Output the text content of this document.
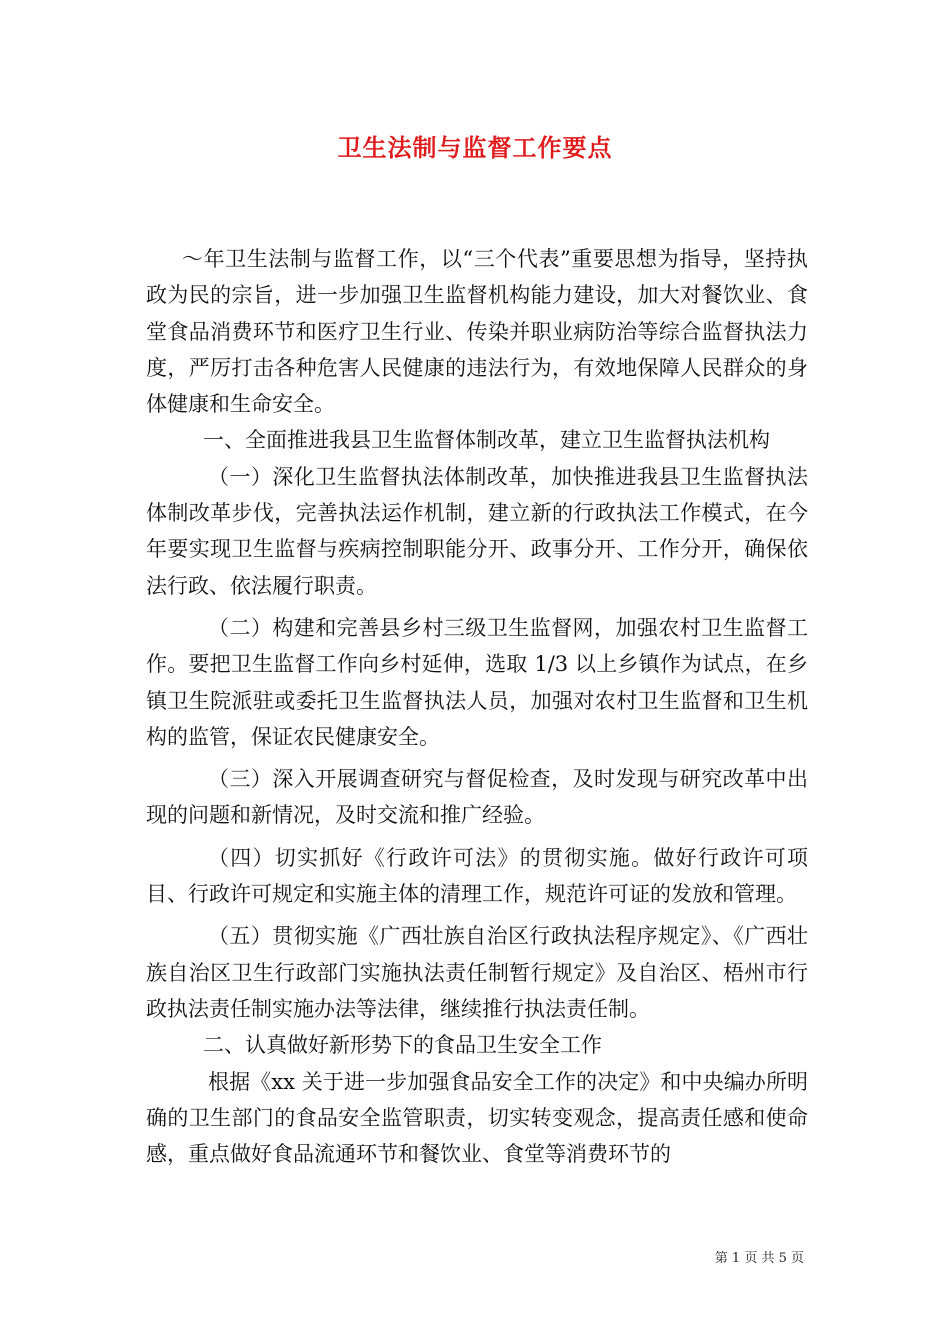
卫生法制与监督工作要点

～年卫生法制与监督工作，以“三个代表”重要思想为指导，坚持执政为民的宗旨，进一步加强卫生监督机构能力建设，加大对餐饮业、食堂食品消费环节和医疗卫生行业、传染并职业病防治等综合监督执法力度，严厉打击各种危害人民健康的违法行为，有效地保障人民群众的身体健康和生命安全。

一、全面推进我县卫生监督体制改革，建立卫生监督执法机构

（一）深化卫生监督执法体制改革，加快推进我县卫生监督执法体制改革步伐，完善执法运作机制，建立新的行政执法工作模式，在今年要实现卫生监督与疾病控制职能分开、政事分开、工作分开，确保依法行政、依法履行职责。

（二）构建和完善县乡村三级卫生监督网，加强农村卫生监督工作。要把卫生监督工作向乡村延伸，选取 1/3 以上乡镇作为试点，在乡镇卫生院派驻或委托卫生监督执法人员，加强对农村卫生监督和卫生机构的监管，保证农民健康安全。

（三）深入开展调查研究与督促检查，及时发现与研究改革中出现的问题和新情况，及时交流和推广经验。

（四）切实抓好《行政许可法》的贯彻实施。做好行政许可项目、行政许可规定和实施主体的清理工作，规范许可证的发放和管理。

（五）贯彻实施《广西壮族自治区行政执法程序规定》、《广西壮族自治区卫生行政部门实施执法责任制暂行规定》及自治区、梧州市行政执法责任制实施办法等法律，继续推行执法责任制。

二、认真做好新形势下的食品卫生安全工作

根据《xx 关于进一步加强食品安全工作的决定》和中央编办所明确的卫生部门的食品安全监管职责，切实转变观念，提高责任感和使命感，重点做好食品流通环节和餐饮业、食堂等消费环节的

第 1 页 共 5 页
